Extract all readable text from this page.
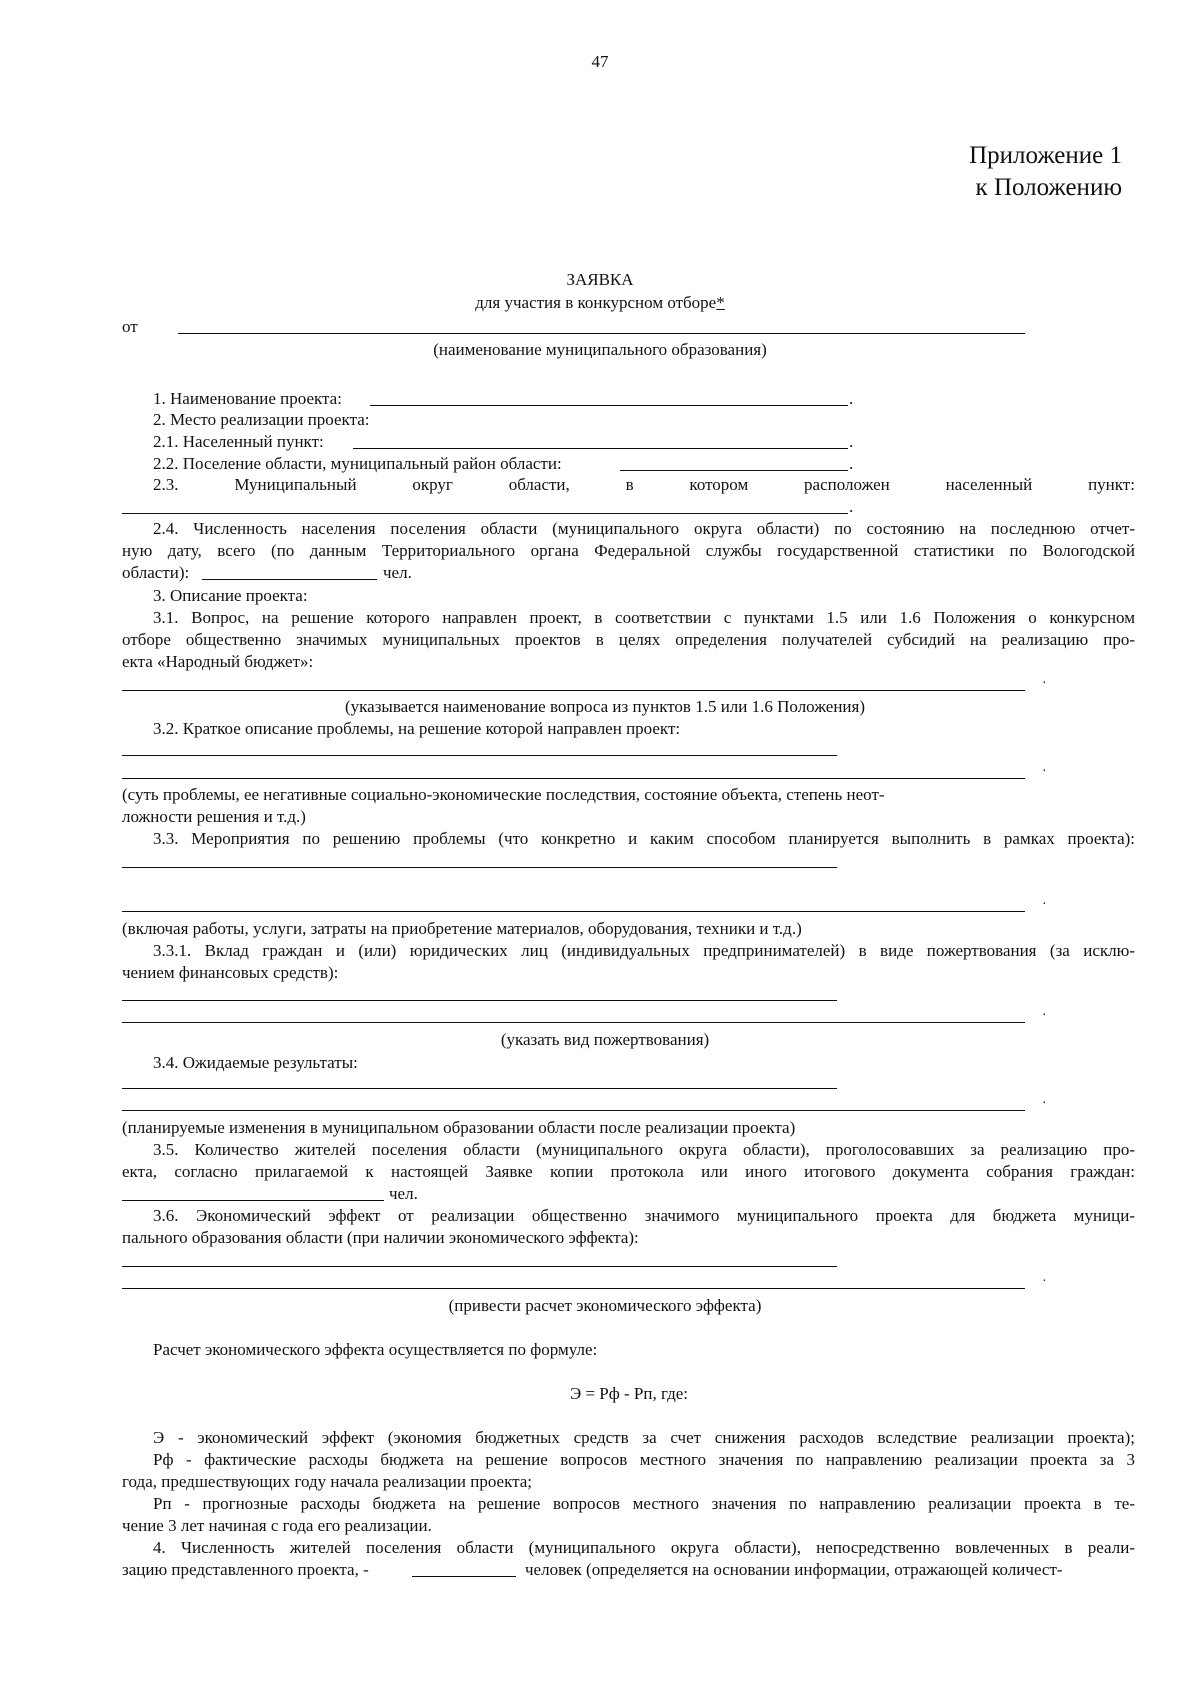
47
Приложение 1
к Положению
ЗАЯВКА
для участия в конкурсном отборе*
от
(наименование муниципального образования)
1. Наименование проекта:	.
2. Место реализации проекта:
2.1. Населенный пункт:	.
2.2. Поселение области, муниципальный район области:	.
2.3.	Муниципальный	округ	области,	в	котором	расположен	населенный	пункт:
.
2.4. Численность населения поселения области (муниципального округа области) по состоянию на последнюю отчет-
ную дату, всего (по данным Территориального органа Федеральной службы государственной статистики по Вологодской
области):	чел.
3. Описание проекта:
3.1. Вопрос, на решение которого направлен проект, в соответствии с пунктами 1.5 или 1.6 Положения о конкурсном
отборе общественно значимых муниципальных проектов в целях определения получателей субсидий на реализацию про-
екта «Народный бюджет»:
·
(указывается наименование вопроса из пунктов 1.5 или 1.6 Положения)
3.2. Краткое описание проблемы, на решение которой направлен проект:
·
(суть проблемы, ее негативные социально-экономические последствия, состояние объекта, степень неот-
ложности решения и т.д.)
3.3. Мероприятия по решению проблемы (что конкретно и каким способом планируется выполнить в рамках проекта):
·
(включая работы, услуги, затраты на приобретение материалов, оборудования, техники и т.д.)
3.3.1. Вклад граждан и (или) юридических лиц (индивидуальных предпринимателей) в виде пожертвования (за исклю-
чением финансовых средств):
·
(указать вид пожертвования)
3.4. Ожидаемые результаты:
·
(планируемые изменения в муниципальном образовании области после реализации проекта)
3.5. Количество жителей поселения области (муниципального округа области), проголосовавших за реализацию про-
екта, согласно прилагаемой к настоящей Заявке копии протокола или иного итогового документа собрания граждан:
чел.
3.6. Экономический эффект от реализации общественно значимого муниципального проекта для бюджета муници-
пального образования области (при наличии экономического эффекта):
·
(привести расчет экономического эффекта)
Расчет экономического эффекта осуществляется по формуле:
Э = Рф - Рп, где:
Э - экономический эффект (экономия бюджетных средств за счет снижения расходов вследствие реализации проекта);
Рф - фактические расходы бюджета на решение вопросов местного значения по направлению реализации проекта за 3
года, предшествующих году начала реализации проекта;
Рп - прогнозные расходы бюджета на решение вопросов местного значения по направлению реализации проекта в те-
чение 3 лет начиная с года его реализации.
4. Численность жителей поселения области (муниципального округа области), непосредственно вовлеченных в реали-
зацию представленного проекта, -	человек (определяется на основании информации, отражающей количест-
